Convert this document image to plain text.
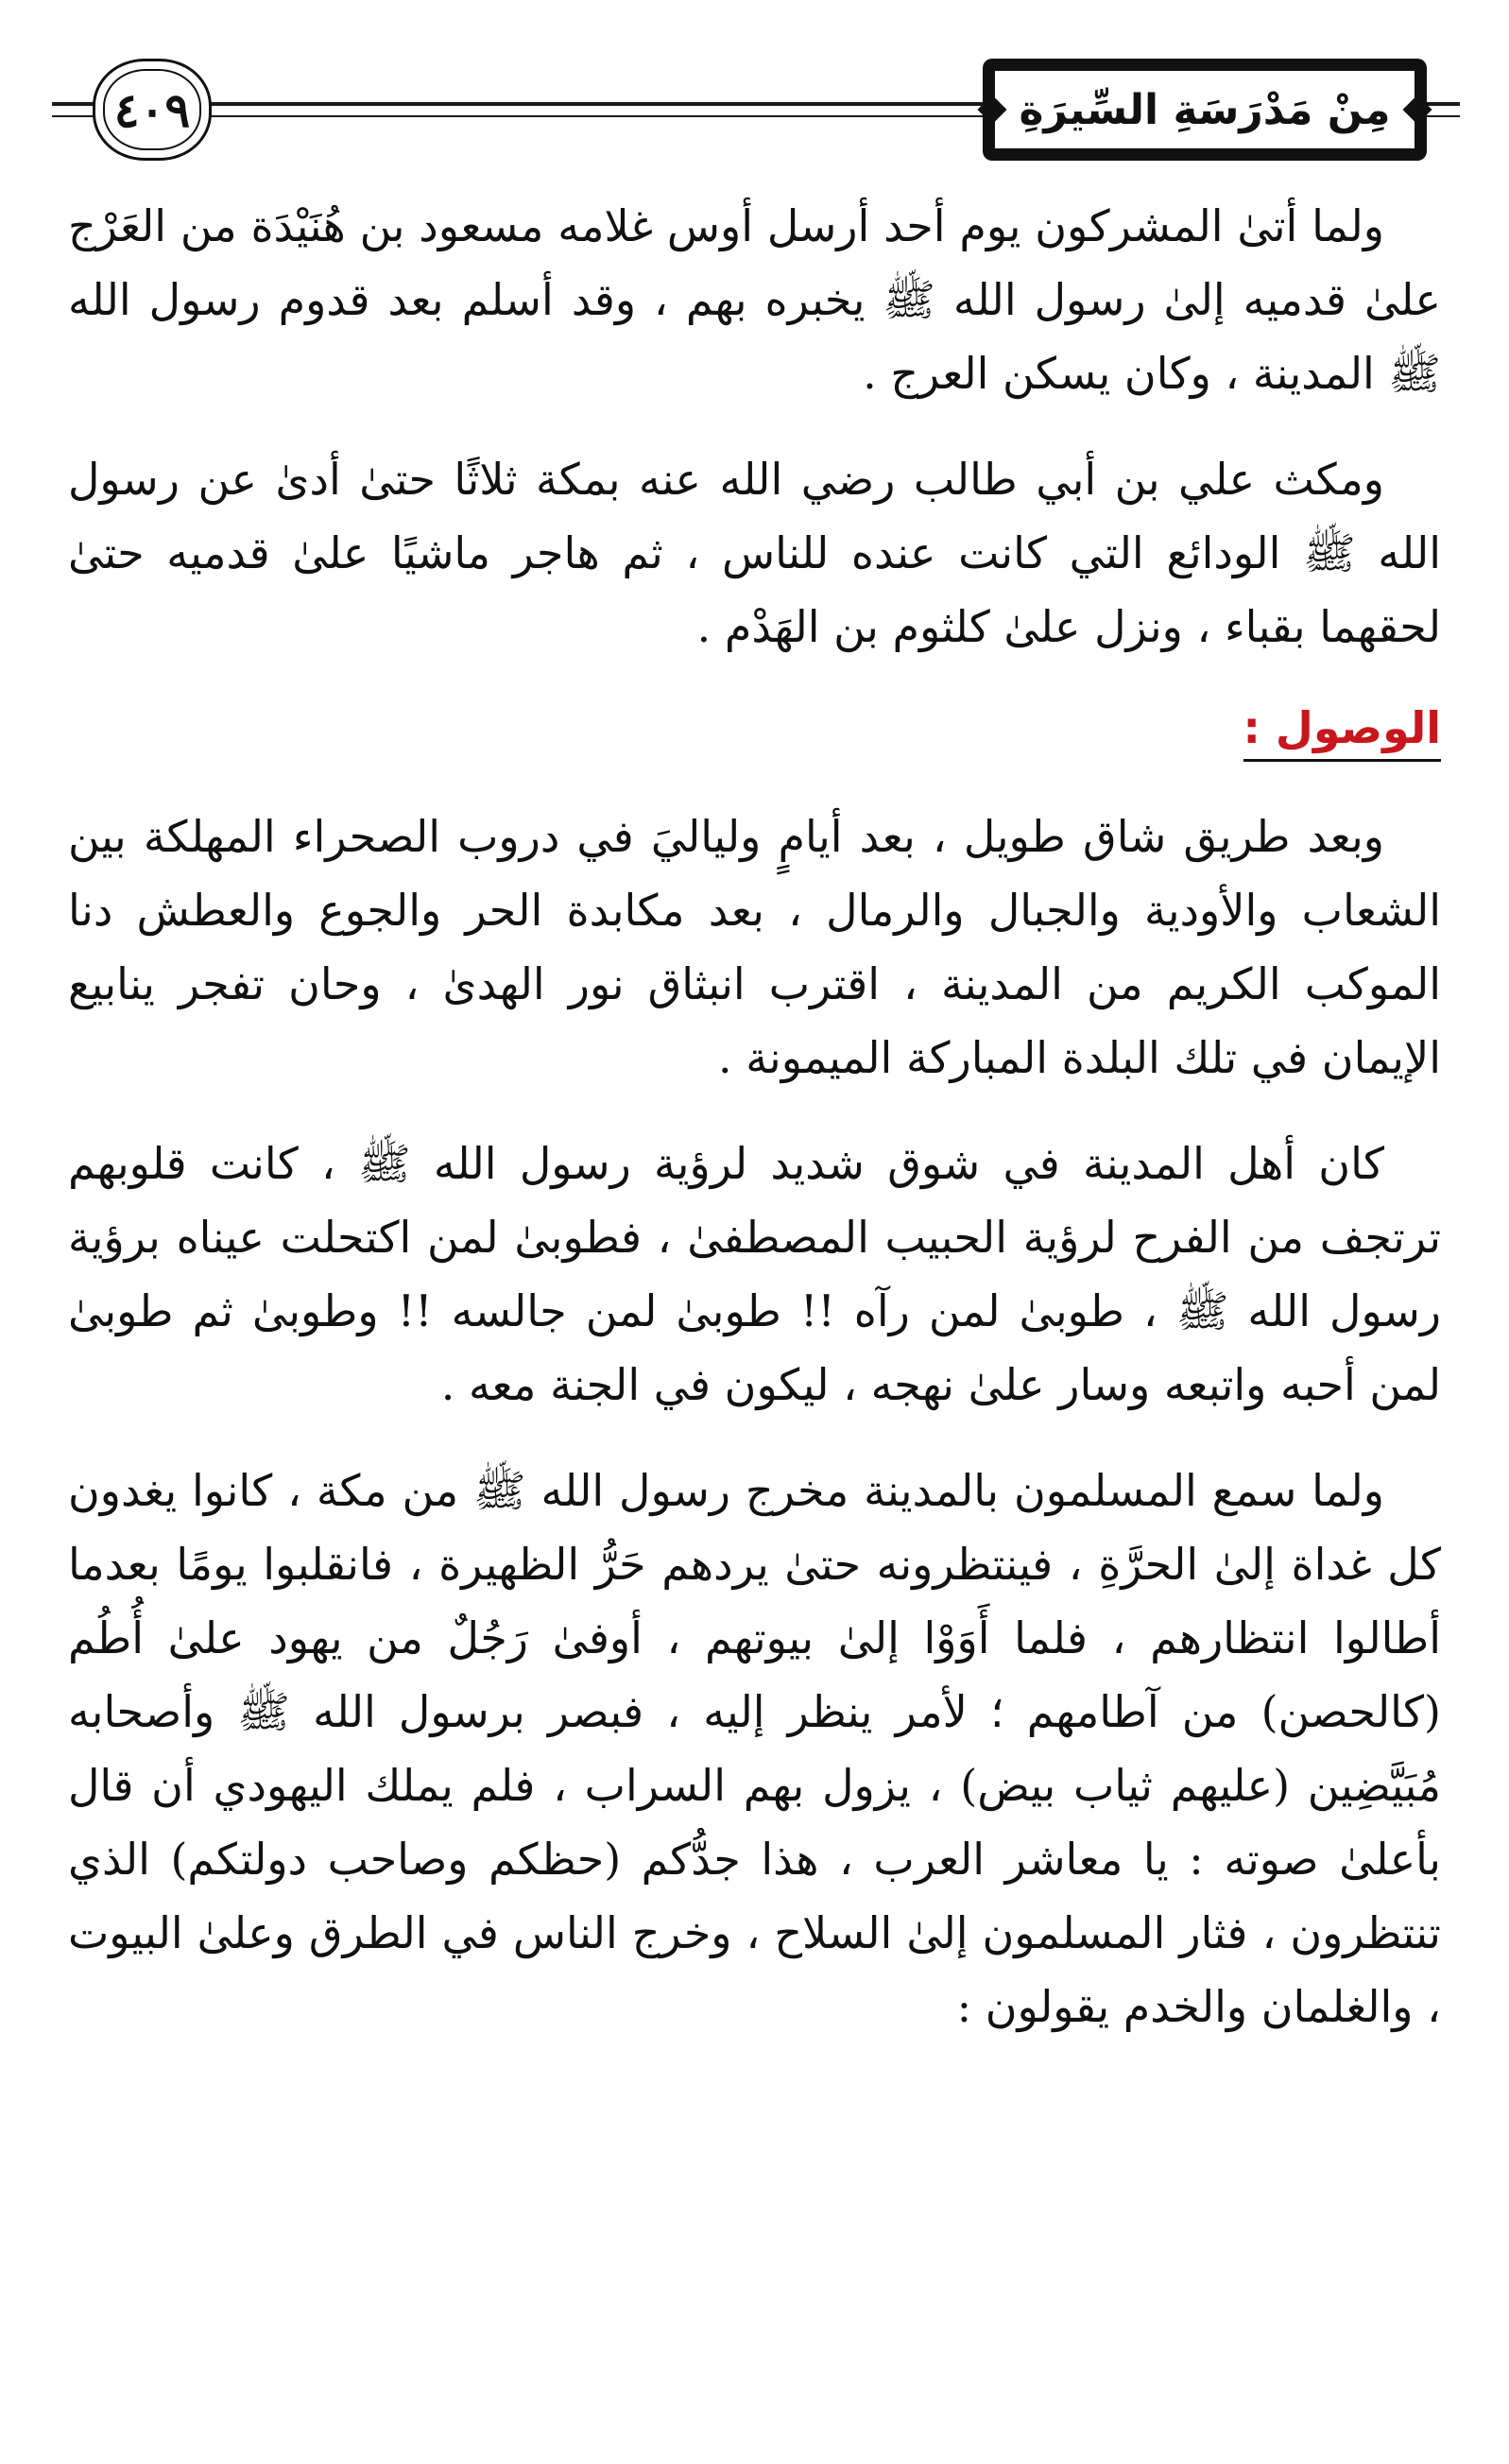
٤٠٩	مِنْ مَدْرَسَةِ السِّيرَةِ

ولما أتىٰ المشركون يوم أحد أرسل أوس غلامه مسعود بن هُنَيْدَة من العَرْج علىٰ قدميه إلىٰ رسول الله ﷺ يخبره بهم ، وقد أسلم بعد قدوم رسول الله ﷺ المدينة ، وكان يسكن العرج .

ومكث علي بن أبي طالب رضي الله عنه بمكة ثلاثًا حتىٰ أدىٰ عن رسول الله ﷺ الودائع التي كانت عنده للناس ، ثم هاجر ماشيًا علىٰ قدميه حتىٰ لحقهما بقباء ، ونزل علىٰ كلثوم بن الهَدْم .

الوصول :

وبعد طريق شاق طويل ، بعد أيامٍ ولياليَ في دروب الصحراء المهلكة بين الشعاب والأودية والجبال والرمال ، بعد مكابدة الحر والجوع والعطش دنا الموكب الكريم من المدينة ، اقترب انبثاق نور الهدىٰ ، وحان تفجر ينابيع الإيمان في تلك البلدة المباركة الميمونة .

كان أهل المدينة في شوق شديد لرؤية رسول الله ﷺ ، كانت قلوبهم ترتجف من الفرح لرؤية الحبيب المصطفىٰ ، فطوبىٰ لمن اكتحلت عيناه برؤية رسول الله ﷺ ، طوبىٰ لمن رآه !! طوبىٰ لمن جالسه !! وطوبىٰ ثم طوبىٰ لمن أحبه واتبعه وسار علىٰ نهجه ، ليكون في الجنة معه .

ولما سمع المسلمون بالمدينة مخرج رسول الله ﷺ من مكة ، كانوا يغدون كل غداة إلىٰ الحرَّةِ ، فينتظرونه حتىٰ يردهم حَرُّ الظهيرة ، فانقلبوا يومًا بعدما أطالوا انتظارهم ، فلما أَوَوْا إلىٰ بيوتهم ، أوفىٰ رَجُلٌ من يهود علىٰ أُطُم (كالحصن) من آطامهم ؛ لأمر ينظر إليه ، فبصر برسول الله ﷺ وأصحابه مُبَيَّضِين (عليهم ثياب بيض) ، يزول بهم السراب ، فلم يملك اليهودي أن قال بأعلىٰ صوته : يا معاشر العرب ، هذا جدُّكم (حظكم وصاحب دولتكم) الذي تنتظرون ، فثار المسلمون إلىٰ السلاح ، وخرج الناس في الطرق وعلىٰ البيوت ، والغلمان والخدم يقولون :
